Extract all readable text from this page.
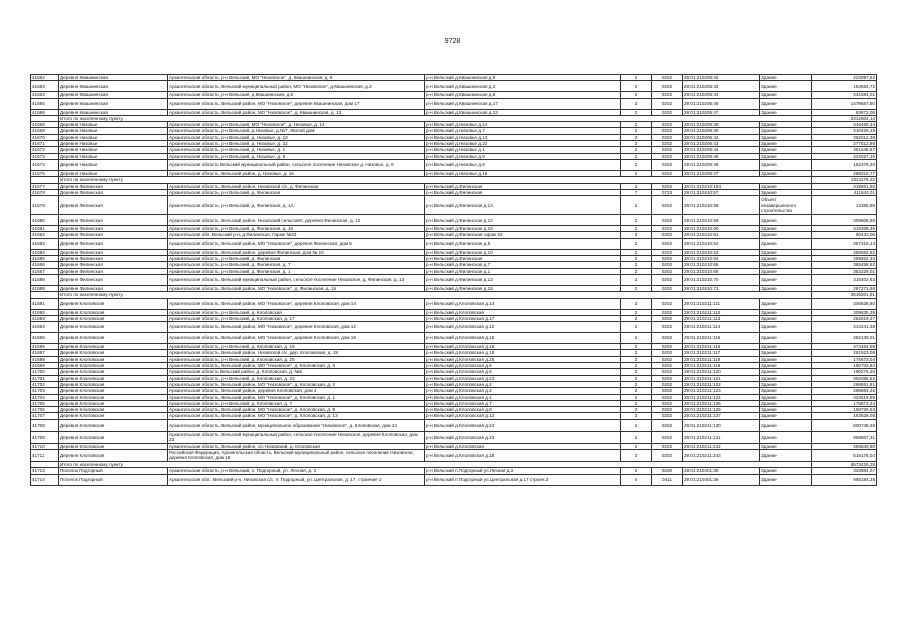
9728
41662	Деревня Квашнинская	Архангельская область, р-н Вельский, МО "Низовское", д. Квашнинская, д. 9	р-н Вельский д.Квашнинская д.9	2	0202	29:01:210205:42	Здание	223097,62
41663	Деревня Квашнинская	Архангельская область, Вельский муниципальный район, МО "Низовское", д.Квашнинская, д.3	р-н Вельский д.Квашнинская д.3	2	0202	29:01:210205:43	Здание	153684,72
41664	Деревня Квашнинская	Архангельская область, р-н Вельский, д.Квашнинская, д.6	р-н Вельский д.Квашнинская д.6	2	0202	29:01:210205:44	Здание	241584,01
41665	Деревня Квашнинская	Архангельская область, Вельский район, МО "Низовское", деревня Квашнинская, дом 17	р-н Вельский д.Квашнинская д.17	2	0202	29:01:210205:46	Здание	1479687,80
41666	Деревня Квашнинская	Архангельская область, Вельский район, МО "Низовское", д. Квашнинская, д. 13	р-н Вельский д.Квашнинская д.13	2	0202	29:01:210205:47	Здание	93672,08
	Итого по населенному пункту							2312504,14
41668	Деревня Низовье	Архангельская область, р-н Вельский, МО "Низовское", д. Низовье, д. 14	р-н Вельский д.Низовье д.14	2	0202	29:01:210206:39	Здание	316455,14
41669	Деревня Низовье	Архангельская область, р-н Вельский, д.Низовье, д.№7, Жилой дом	р-н Вельский д.Низовье д.7	2	0202	29:01:210206:40	Здание	210425,16
41670	Деревня Низовье	Архангельская область, р-н Вельский, д. Низовье, д. 13	р-н Вельский д.Низовье д.13	2	0202	29:01:210206:42	Здание	392012,38
41671	Деревня Низовье	Архангельская область, р-н Вельский, д. Низовье, д. 22	р-н Вельский д.Низовье д.22	2	0202	29:01:210206:43	Здание	277513,86
41672	Деревня Низовье	Архангельская область, р-н Вельский, д. Низовье, д. 1	р-н Вельский д.Низовье д.1	2	0202	29:01:210206:44	Здание	351546,57
41673	Деревня Низовье	Архангельская область, р-н Вельский, д. Низовье, д. 8	р-н Вельский д.Низовье д.8	2	0202	29:01:210206:45	Здание	222527,16
41674	Деревня Низовье	Архангельская область Вельский муниципальный район, сельское поселение Низовское д. Низовье, д. 6	р-н Вельский д.Низовье д.6	2	0202	29:01:210206:46	Здание	162379,20
41675	Деревня Низовье	Архангельская область, Вельский район, д. Низовье, д. 16	р-н Вельский д.Низовье д.16	2	0202	29:01:210206:47	Здание	288318,77
	Итого по населенному пункту							2221178,22
41677	Деревня Филинская	Архангельская область, Вельский район, Низовской с/с, д. Филинская	р-н Вельский д.Филинская	2	0202	29:01:210210:164	Здание	319661,50
41678	Деревня Филинская	Архангельская область, р-н Вельский, д. Филинская	р-н Вельский д.Филинская	7	0723	29:01:210210:57	Здание	411842,01
41679	Деревня Филинская	Архангельская область, р-н Вельский, д. Филинская, д. 1А	р-н Вельский д.Филинская д.1А	2	0202	29:01:210210:58	Объект незавершенного строительства	13385,68
41680	Деревня Филинская	Архангельская область, Вельский район, Низовский сельсовет, деревня Филинская, д. 12	р-н Вельский д.Филинская д.12	2	0202	29:01:210210:59	Здание	309608,68
41681	Деревня Филинская	Архангельская область, р-н Вельский, д. Филинская, д. 16	р-н Вельский д.Филинская д.16	2	0202	29:01:210210:60	Здание	319209,46
41682	Деревня Филинская	Архангельская обл, Вельский р-н, д.Филинская, Гараж №33	р-н Вельский д.Филинская гараж 33	3	0302	29:01:210210:61	Здание	60433,06
41683	Деревня Филинская	Архангельская область, Вельский район, МО "Низовское", деревня Филинская, дом 5	р-н Вельский д.Филинская д.5	2	0202	29:01:210210:62	Здание	357215,13
41684	Деревня Филинская	Архангельская область, Вельский район, деревня Филинская, дом № 10	р-н Вельский д.Филинская д.10	2	0202	29:01:210210:63	Здание	285562,62
41685	Деревня Филинская	Архангельская область, р-н Вельский, д. Филинская	р-н Вельский д.Филинская	2	0202	29:01:210210:64	Здание	259932,33
41686	Деревня Филинская	Архангельская область, р-н Вельский, д. Филинская, д. 7	р-н Вельский д.Филинская д.7	2	0202	29:01:210210:65	Здание	365458,52
41687	Деревня Филинская	Архангельская область, р-н Вельский, д. Филинская, д. 1	р-н Вельский д.Филинская д.1	2	0202	29:01:210210:66	Здание	353229,01
41688	Деревня Филинская	Архангельская область, Вельский муниципальный район, сельское поселение Низовское, д. Филинская, д. 13	р-н Вельский д.Филинская д.13	2	0202	29:01:210210:70	Здание	315403,63
41689	Деревня Филинская	Архангельская область, Вельский район, МО "Низовское", д. Филинская, д. 15	р-н Вельский д.Филинская д.15	2	0202	29:01:210210:73	Здание	267271,58
	Итого по населенному пункту							3515201,91
41691	Деревня Клоповская	Архангельская область, Вельский район, МО "Низовское", деревня Клоповская, дом 14	р-н Вельский д.Клоповская д.14	2	0202	29:01:210211:111	Здание	346626,60
41692	Деревня Клоповская	Архангельская область, р-н Вельский, д. Клоповская	р-н Вельский д.Клоповская	2	0202	29:01:210211:112	Здание	309835,36
41693	Деревня Клоповская	Архангельская область, р-н Вельский, д. Клоповская, д. 17	р-н Вельский д.Клоповская д.17	2	0202	29:01:210211:113	Здание	282519,47
41694	Деревня Клоповская	Архангельская область, Вельский район, МО "Низовское", деревня Клоповская, дом 12	р-н Вельский д.Клоповская д.12	2	0202	29:01:210211:114	Здание	214241,38
41695	Деревня Клоповская	Архангельская область, Вельский район, МО "Низовское", деревня Клоповская, дом 16	р-н Вельский д.Клоповская д.16	2	0202	29:01:210211:115	Здание	262139,01
41696	Деревня Клоповская	Архангельская область, р-н Вельский, д. Клоповская, д. 15	р-н Вельский д.Клоповская д.15	2	0202	29:01:210211:116	Здание	274464,98
41697	Деревня Клоповская	Архангельская область, Вельский район, Низовской с/с, дер. Клоповская, д. 19	р-н Вельский д.Клоповская д.19	2	0202	29:01:210211:117	Здание	281923,06
41698	Деревня Клоповская	Архангельская область, р-н Вельский, д. Клоповская, д. 25	р-н Вельский д.Клоповская д.25	2	0202	29:01:210211:118	Здание	175673,04
41699	Деревня Клоповская	Архангельская область, Вельский район, МО "Низовское", д. Клоповская, д. 8	р-н Вельский д.Клоповская д.8	2	0202	29:01:210211:119	Здание	190703,84
41700	Деревня Клоповская	Архангельская область Вельский район, д. Клоповская, д. №6	р-н Вельский д.Клоповская д.6	2	0202	29:01:210211:120	Здание	190276,30
41701	Деревня Клоповская	Архангельская область, р-н Вельский, д. Клоповская, д. 22	р-н Вельский д.Клоповская д.22	2	0202	29:01:210211:121	Здание	302085,52
41702	Деревня Клоповская	Архангельская область, Вельский район, МО "Низовское", д. Клоповская, д. 2	р-н Вельский д.Клоповская д.2	2	0202	29:01:210211:122	Здание	298651,81
41703	Деревня Клоповская	Архангельская область, Вельский район, деревня Клоповская, дом 4	р-н Вельский д.Клоповская д.4	2	0202	29:01:210211:123	Здание	298683,46
41704	Деревня Клоповская	Архангельская область, Вельский район, МО "Низовское", д. Клоповская, д. 1	р-н Вельский д.Клоповская д.1	2	0202	29:01:210211:124	Здание	323519,89
41705	Деревня Клоповская	Архангельская область, р-н Вельский, д. Клоповская, д. 7	р-н Вельский д.Клоповская д.7	2	0202	29:01:210211:125	Здание	175873,34
41706	Деревня Клоповская	Архангельская область, Вельский район, МО "Низовское", д. Клоповская, д. 8	р-н Вельский д.Клоповская д.8	2	0202	29:01:210211:126	Здание	158725,53
41707	Деревня Клоповская	Архангельская область, Вельский район, МО "Низовское", д. Клоповская, д. 13	р-н Вельский д.Клоповская д.13	2	0202	29:01:210211:127	Здание	163528,08
41708	Деревня Клоповская	Архангельская область, Вельский район, муниципальное образование "Низовское", д. Клоповская, дом 24	р-н Вельский д.Клоповская д.24	2	0202	29:01:210211:130	Здание	600749,28
41709	Деревня Клоповская	Архангельская область, Вельский муниципальный район, сельское поселение Низовское, деревня Клоповская, дом 23	р-н Вельский д.Клоповская д.23	2	0202	29:01:210211:131	Здание	968507,31
41710	Деревня Клоповская	Архангельская область, Вельский район, с/с Низовский, д. Клоповская	р-н Вельский д.Клоповская	2	0202	29:01:210211:242	Здание	269640,80
41711	Деревня Клоповская	Российская Федерация, Архангельская область, Вельский муниципальный район, сельское поселение Низовское, деревня Клоповская, дом 18	р-н Вельский д.Клоповская д.18	2	0202	29:01:210211:243	Здание	516175,04
	Итого по населенному пункту							6573426,28
41713	Поселок Подгорный	Архангельская область, р-н Вельский, п. Подгорный, ул. Лесная, д. 3	р-н Вельский п.Подгорный ул.Лесная д.3	2	0200	29:01:210401:35	Здание	333884,07
41714	Поселок Подгорный	Архангельская обл., Вельский р-н, Низовская с/с, п. Подгорный, ул. Центральная, д. 17, строение 2	р-н Вельский п.Подгорный ул.Центральная д.17 строен.2	4	0411	29:01:210401:36	Здание	965184,28
